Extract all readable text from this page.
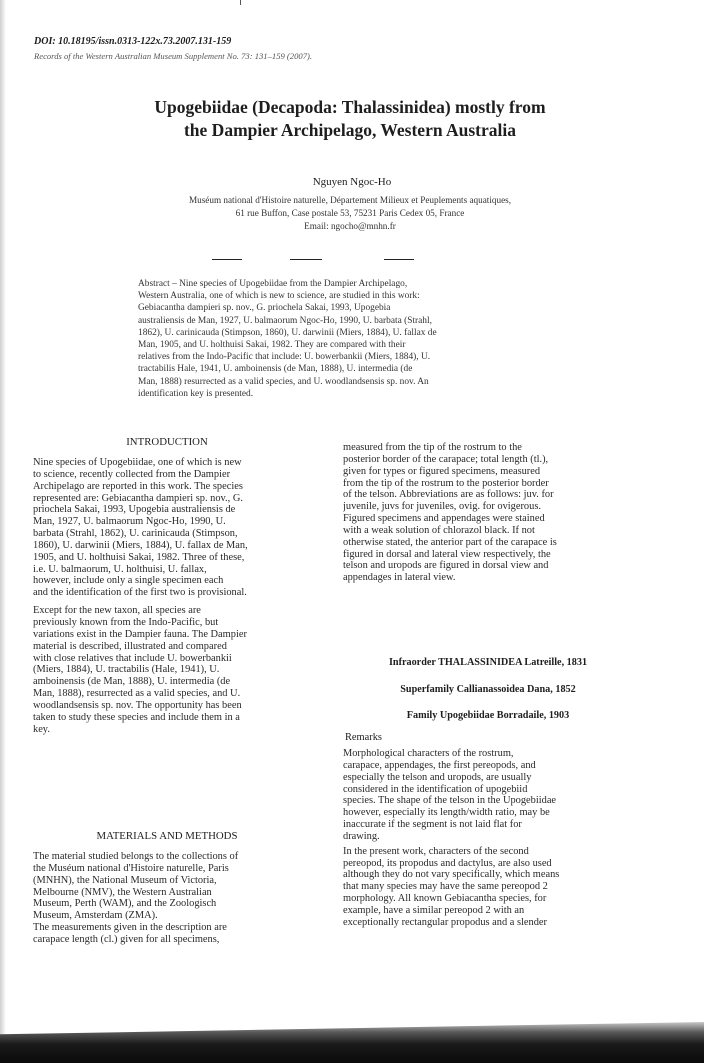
DOI: 10.18195/issn.0313-122x.73.2007.131-159
Records of the Western Australian Museum Supplement No. 73: 131–159 (2007).
Upogebiidae (Decapoda: Thalassinidea) mostly from
the Dampier Archipelago, Western Australia
Nguyen Ngoc-Ho
Muséum national d'Histoire naturelle, Département Milieux et Peuplements aquatiques,
61 rue Buffon, Case postale 53, 75231 Paris Cedex 05, France
Email: ngocho@mnhn.fr
Abstract – Nine species of Upogebiidae from the Dampier Archipelago,
Western Australia, one of which is new to science, are studied in this work:
Gebiacantha dampieri sp. nov., G. priochela Sakai, 1993, Upogebia
australiensis de Man, 1927, U. balmaorum Ngoc-Ho, 1990, U. barbata (Strahl,
1862), U. carinicauda (Stimpson, 1860), U. darwinii (Miers, 1884), U. fallax de
Man, 1905, and U. holthuisi Sakai, 1982. They are compared with their
relatives from the Indo-Pacific that include: U. bowerbankii (Miers, 1884), U.
tractabilis Hale, 1941, U. amboinensis (de Man, 1888), U. intermedia (de
Man, 1888) resurrected as a valid species, and U. woodlandsensis sp. nov. An
identification key is presented.
INTRODUCTION
Nine species of Upogebiidae, one of which is new
to science, recently collected from the Dampier
Archipelago are reported in this work. The species
represented are: Gebiacantha dampieri sp. nov., G.
priochela Sakai, 1993, Upogebia australiensis de
Man, 1927, U. balmaorum Ngoc-Ho, 1990, U.
barbata (Strahl, 1862), U. carinicauda (Stimpson,
1860), U. darwinii (Miers, 1884), U. fallax de Man,
1905, and U. holthuisi Sakai, 1982. Three of these,
i.e. U. balmaorum, U. holthuisi, U. fallax,
however, include only a single specimen each
and the identification of the first two is provisional.
Except for the new taxon, all species are
previously known from the Indo-Pacific, but
variations exist in the Dampier fauna. The Dampier
material is described, illustrated and compared
with close relatives that include U. bowerbankii
(Miers, 1884), U. tractabilis (Hale, 1941), U.
amboinensis (de Man, 1888), U. intermedia (de
Man, 1888), resurrected as a valid species, and U.
woodlandsensis sp. nov. The opportunity has been
taken to study these species and include them in a
key.
MATERIALS AND METHODS
The material studied belongs to the collections of
the Muséum national d'Histoire naturelle, Paris
(MNHN), the National Museum of Victoria,
Melbourne (NMV), the Western Australian
Museum, Perth (WAM), and the Zoologisch
Museum, Amsterdam (ZMA).
The measurements given in the description are
carapace length (cl.) given for all specimens,
measured from the tip of the rostrum to the
posterior border of the carapace; total length (tl.),
given for types or figured specimens, measured
from the tip of the rostrum to the posterior border
of the telson. Abbreviations are as follows: juv. for
juvenile, juvs for juveniles, ovig. for ovigerous.
Figured specimens and appendages were stained
with a weak solution of chlorazol black. If not
otherwise stated, the anterior part of the carapace is
figured in dorsal and lateral view respectively, the
telson and uropods are figured in dorsal view and
appendages in lateral view.
Infraorder THALASSINIDEA Latreille, 1831
Superfamily Callianassoidea Dana, 1852
Family Upogebiidae Borradaile, 1903
Remarks
Morphological characters of the rostrum,
carapace, appendages, the first pereopods, and
especially the telson and uropods, are usually
considered in the identification of upogebiid
species. The shape of the telson in the Upogebiidae
however, especially its length/width ratio, may be
inaccurate if the segment is not laid flat for
drawing.
In the present work, characters of the second
pereopod, its propodus and dactylus, are also used
although they do not vary specifically, which means
that many species may have the same pereopod 2
morphology. All known Gebiacantha species, for
example, have a similar pereopod 2 with an
exceptionally rectangular propodus and a slender
